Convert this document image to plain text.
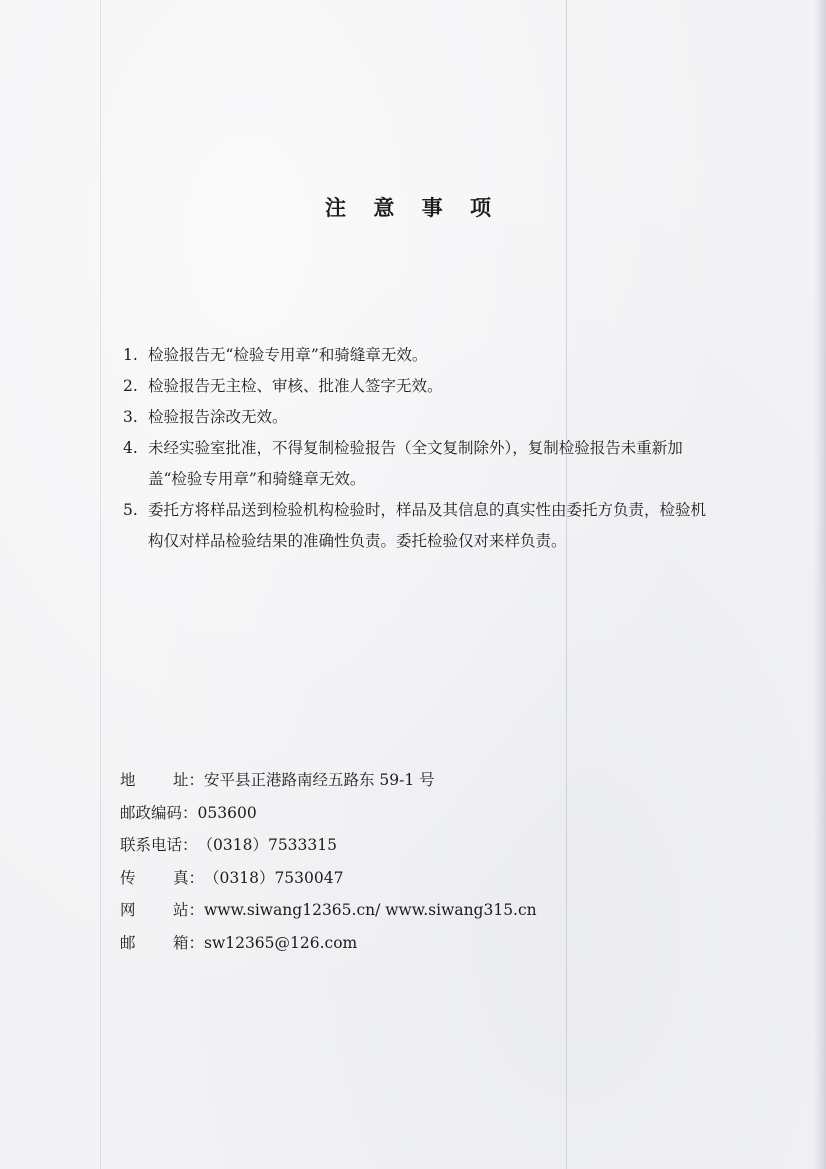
注 意 事 项
1. 检验报告无“检验专用章”和骑缝章无效。
2. 检验报告无主检、审核、批准人签字无效。
3. 检验报告涂改无效。
4. 未经实验室批准，不得复制检验报告（全文复制除外），复制检验报告未重新加盖“检验专用章”和骑缝章无效。
5. 委托方将样品送到检验机构检验时，样品及其信息的真实性由委托方负责，检验机构仅对样品检验结果的准确性负责。委托检验仅对来样负责。
地 址： 安平县正港路南经五路东 59-1 号
邮政编码：053600
联系电话：（0318）7533315
传 真： （0318）7530047
网 站： www.siwang12365.cn/ www.siwang315.cn
邮 箱： sw12365@126.com
